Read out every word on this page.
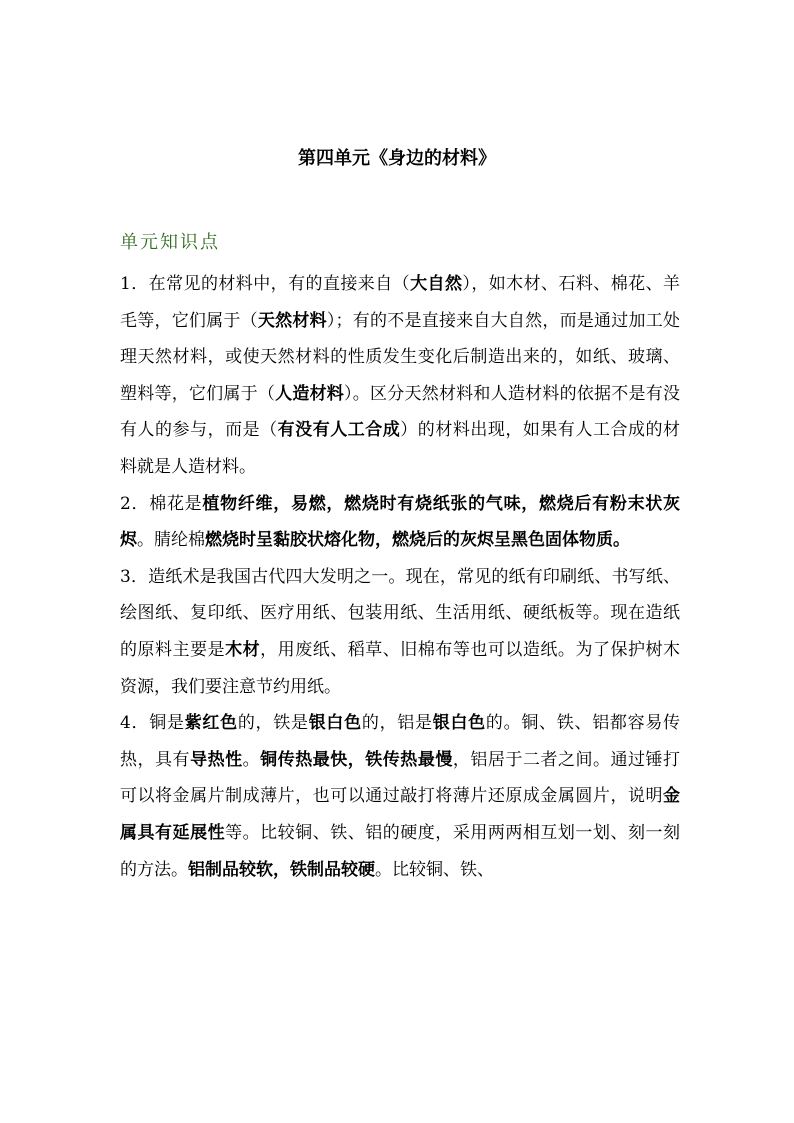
第四单元《身边的材料》
单元知识点

1．在常见的材料中，有的直接来自（大自然），如木材、石料、棉花、羊毛等，它们属于（天然材料）；有的不是直接来自大自然，而是通过加工处理天然材料，或使天然材料的性质发生变化后制造出来的，如纸、玻璃、塑料等，它们属于（人造材料）。区分天然材料和人造材料的依据不是有没有人的参与，而是（有没有人工合成）的材料出现，如果有人工合成的材料就是人造材料。

2．棉花是植物纤维，易燃，燃烧时有烧纸张的气味，燃烧后有粉末状灰烬。腈纶棉燃烧时呈黏胶状熔化物，燃烧后的灰烬呈黑色固体物质。

3．造纸术是我国古代四大发明之一。现在，常见的纸有印刷纸、书写纸、绘图纸、复印纸、医疗用纸、包装用纸、生活用纸、硬纸板等。现在造纸的原料主要是木材，用废纸、稻草、旧棉布等也可以造纸。为了保护树木资源，我们要注意节约用纸。

4．铜是紫红色的，铁是银白色的，铝是银白色的。铜、铁、铝都容易传热，具有导热性。铜传热最快，铁传热最慢，铝居于二者之间。通过锤打可以将金属片制成薄片，也可以通过敲打将薄片还原成金属圆片，说明金属具有延展性等。比较铜、铁、铝的硬度，采用两两相互划一划、刻一刻的方法。铝制品较软，铁制品较硬。比较铜、铁、
